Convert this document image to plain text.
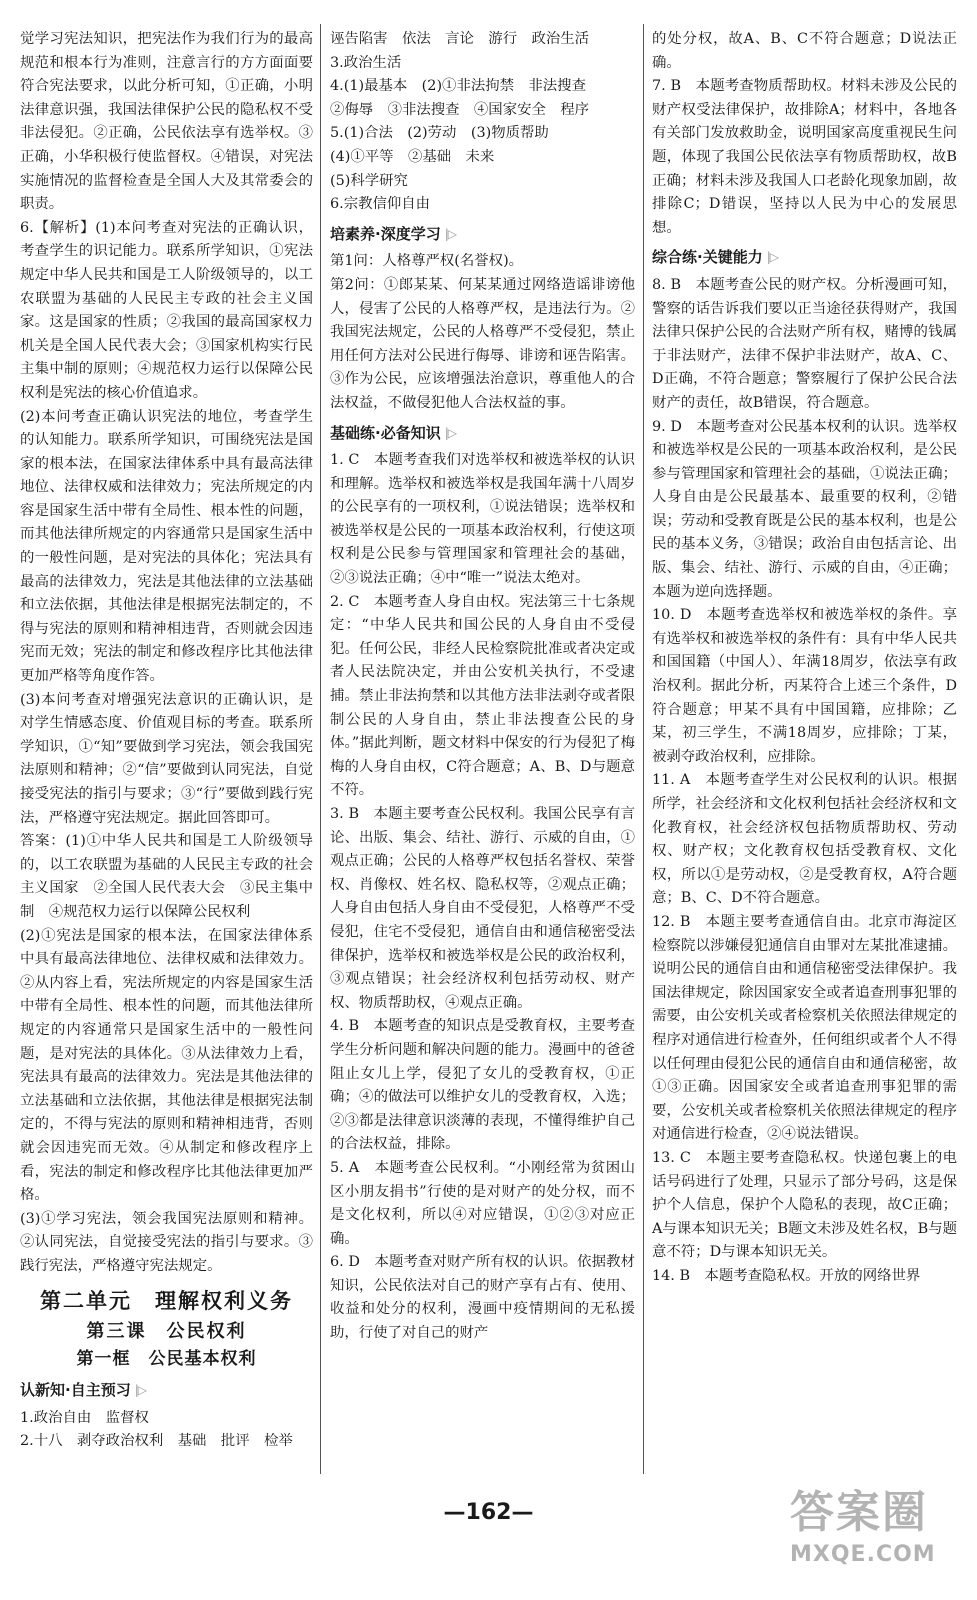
觉学习宪法知识，把宪法作为我们行为的最高规范和根本行为准则，注意言行的方方面面要符合宪法要求，以此分析可知，①正确，小明法律意识强，我国法律保护公民的隐私权不受非法侵犯。②正确，公民依法享有选举权。③正确，小华积极行使监督权。④错误，对宪法实施情况的监督检查是全国人大及其常委会的职责。

6.【解析】(1)本问考查对宪法的正确认识，考查学生的识记能力。联系所学知识，①宪法规定中华人民共和国是工人阶级领导的，以工农联盟为基础的人民民主专政的社会主义国家。这是国家的性质；②我国的最高国家权力机关是全国人民代表大会；③国家机构实行民主集中制的原则；④规范权力运行以保障公民权利是宪法的核心价值追求。

(2)本问考查正确认识宪法的地位，考查学生的认知能力。联系所学知识，可围绕宪法是国家的根本法，在国家法律体系中具有最高法律地位、法律权威和法律效力；宪法所规定的内容是国家生活中带有全局性、根本性的问题，而其他法律所规定的内容通常只是国家生活中的一般性问题，是对宪法的具体化；宪法具有最高的法律效力，宪法是其他法律的立法基础和立法依据，其他法律是根据宪法制定的，不得与宪法的原则和精神相违背，否则就会因违宪而无效；宪法的制定和修改程序比其他法律更加严格等角度作答。

(3)本问考查对增强宪法意识的正确认识，是对学生情感态度、价值观目标的考查。联系所学知识，①“知”要做到学习宪法，领会我国宪法原则和精神；②“信”要做到认同宪法，自觉接受宪法的指引与要求；③“行”要做到践行宪法，严格遵守宪法规定。据此回答即可。

答案：(1)①中华人民共和国是工人阶级领导的，以工农联盟为基础的人民民主专政的社会主义国家　②全国人民代表大会　③民主集中制　④规范权力运行以保障公民权利

(2)①宪法是国家的根本法，在国家法律体系中具有最高法律地位、法律权威和法律效力。②从内容上看，宪法所规定的内容是国家生活中带有全局性、根本性的问题，而其他法律所规定的内容通常只是国家生活中的一般性问题，是对宪法的具体化。③从法律效力上看，宪法具有最高的法律效力。宪法是其他法律的立法基础和立法依据，其他法律是根据宪法制定的，不得与宪法的原则和精神相违背，否则就会因违宪而无效。④从制定和修改程序上看，宪法的制定和修改程序比其他法律更加严格。

(3)①学习宪法，领会我国宪法原则和精神。②认同宪法，自觉接受宪法的指引与要求。③践行宪法，严格遵守宪法规定。

第二单元　理解权利义务
第三课　公民权利
第一框　公民基本权利
认新知·自主预习 |▷

1.政治自由　监督权

2.十八　剥夺政治权利　基础　批评　检举

诬告陷害　依法　言论　游行　政治生活

3.政治生活

4.(1)最基本　(2)①非法拘禁　非法搜查

②侮辱　③非法搜查　④国家安全　程序

5.(1)合法　(2)劳动　(3)物质帮助

(4)①平等　②基础　未来

(5)科学研究

6.宗教信仰自由

培素养·深度学习 |▷

第1问：人格尊严权(名誉权)。

第2问：①郎某某、何某某通过网络造谣诽谤他人，侵害了公民的人格尊严权，是违法行为。②我国宪法规定，公民的人格尊严不受侵犯，禁止用任何方法对公民进行侮辱、诽谤和诬告陷害。③作为公民，应该增强法治意识，尊重他人的合法权益，不做侵犯他人合法权益的事。

基础练·必备知识 |▷

1. C　本题考查我们对选举权和被选举权的认识和理解。选举权和被选举权是我国年满十八周岁的公民享有的一项权利，①说法错误；选举权和被选举权是公民的一项基本政治权利，行使这项权利是公民参与管理国家和管理社会的基础，②③说法正确；④中“唯一”说法太绝对。

2. C　本题考查人身自由权。宪法第三十七条规定：“中华人民共和国公民的人身自由不受侵犯。任何公民，非经人民检察院批准或者决定或者人民法院决定，并由公安机关执行，不受逮捕。禁止非法拘禁和以其他方法非法剥夺或者限制公民的人身自由，禁止非法搜查公民的身体。”据此判断，题文材料中保安的行为侵犯了梅梅的人身自由权，C符合题意；A、B、D与题意不符。

3. B　本题主要考查公民权利。我国公民享有言论、出版、集会、结社、游行、示威的自由，①观点正确；公民的人格尊严权包括名誉权、荣誉权、肖像权、姓名权、隐私权等，②观点正确；人身自由包括人身自由不受侵犯，人格尊严不受侵犯，住宅不受侵犯，通信自由和通信秘密受法律保护，选举权和被选举权是公民的政治权利，③观点错误；社会经济权利包括劳动权、财产权、物质帮助权，④观点正确。

4. B　本题考查的知识点是受教育权，主要考查学生分析问题和解决问题的能力。漫画中的爸爸阻止女儿上学，侵犯了女儿的受教育权，①正确；④的做法可以维护女儿的受教育权，入选；②③都是法律意识淡薄的表现，不懂得维护自己的合法权益，排除。

5. A　本题考查公民权利。“小刚经常为贫困山区小朋友捐书”行使的是对财产的处分权，而不是文化权利，所以④对应错误，①②③对应正确。

6. D　本题考查对财产所有权的认识。依据教材知识，公民依法对自己的财产享有占有、使用、收益和处分的权利，漫画中疫情期间的无私援助，行使了对自己的财产

的处分权，故A、B、C不符合题意；D说法正确。

7. B　本题考查物质帮助权。材料未涉及公民的财产权受法律保护，故排除A；材料中，各地各有关部门发放救助金，说明国家高度重视民生问题，体现了我国公民依法享有物质帮助权，故B正确；材料未涉及我国人口老龄化现象加剧，故排除C；D错误，坚持以人民为中心的发展思想。

综合练·关键能力 |▷

8. B　本题考查公民的财产权。分析漫画可知，警察的话告诉我们要以正当途径获得财产，我国法律只保护公民的合法财产所有权，赌博的钱属于非法财产，法律不保护非法财产，故A、C、D正确，不符合题意；警察履行了保护公民合法财产的责任，故B错误，符合题意。

9. D　本题考查对公民基本权利的认识。选举权和被选举权是公民的一项基本政治权利，是公民参与管理国家和管理社会的基础，①说法正确；人身自由是公民最基本、最重要的权利，②错误；劳动和受教育既是公民的基本权利，也是公民的基本义务，③错误；政治自由包括言论、出版、集会、结社、游行、示威的自由，④正确；本题为逆向选择题。

10. D　本题考查选举权和被选举权的条件。享有选举权和被选举权的条件有：具有中华人民共和国国籍（中国人）、年满18周岁，依法享有政治权利。据此分析，丙某符合上述三个条件，D符合题意；甲某不具有中国国籍，应排除；乙某，初三学生，不满18周岁，应排除；丁某，被剥夺政治权利，应排除。

11. A　本题考查学生对公民权利的认识。根据所学，社会经济和文化权利包括社会经济权和文化教育权，社会经济权包括物质帮助权、劳动权、财产权；文化教育权包括受教育权、文化权，所以①是劳动权，②是受教育权，A符合题意；B、C、D不符合题意。

12. B　本题主要考查通信自由。北京市海淀区检察院以涉嫌侵犯通信自由罪对左某批准逮捕。说明公民的通信自由和通信秘密受法律保护。我国法律规定，除因国家安全或者追查刑事犯罪的需要，由公安机关或者检察机关依照法律规定的程序对通信进行检查外，任何组织或者个人不得以任何理由侵犯公民的通信自由和通信秘密，故①③正确。因国家安全或者追查刑事犯罪的需要，公安机关或者检察机关依照法律规定的程序对通信进行检查，②④说法错误。

13. C　本题主要考查隐私权。快递包裹上的电话号码进行了处理，只显示了部分号码，这是保护个人信息，保护个人隐私的表现，故C正确；A与课本知识无关；B题文未涉及姓名权，B与题意不符；D与课本知识无关。

14. B　本题考查隐私权。开放的网络世界

—162—	答案圈
MXQE.COM
